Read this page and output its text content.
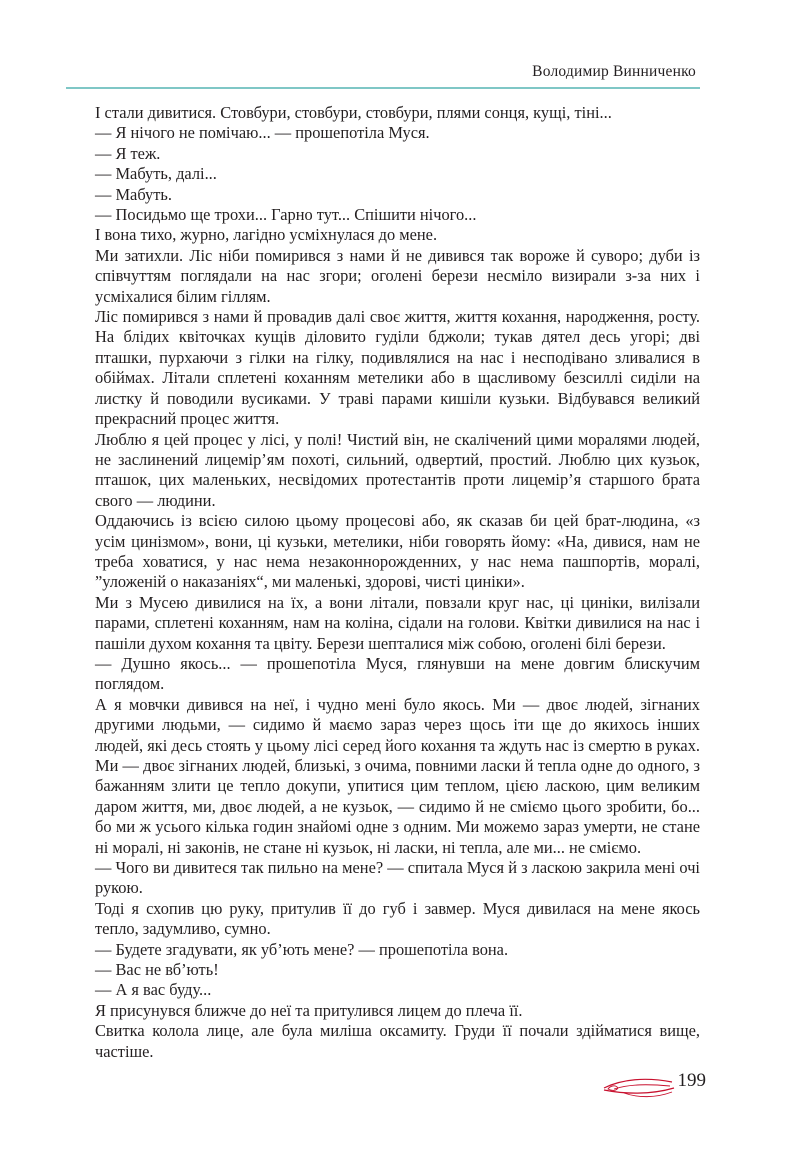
Володимир Винниченко

I стали дивитися. Стовбури, стовбури, стовбури, плями сонця, кущі, тіні...

— Я нічого не помічаю... — прошепотіла Муся.

— Я теж.

— Мабуть, далі...

— Мабуть.

— Посидьмо ще трохи... Гарно тут... Спішити нічого...

I вона тихо, журно, лагідно усміхнулася до мене.

Ми затихли. Ліс ніби помирився з нами й не дивився так вороже й суворо; дуби із співчуттям поглядали на нас згори; оголені берези несміло визирали з-за них і усміхалися білим гіллям.

Ліс помирився з нами й провадив далі своє життя, життя кохання, народження, росту. На блідих квіточках кущів діловито гуділи бджоли; тукав дятел десь угорі; дві пташки, пурхаючи з гілки на гілку, подивлялися на нас і несподівано зливалися в обіймах. Літали сплетені коханням метелики або в щасливому безсиллі сиділи на листку й поводили вусиками. У траві парами кишіли кузьки. Відбувався великий прекрасний процес життя.

Люблю я цей процес у лісі, у полі! Чистий він, не скалічений цими моралями людей, не заслинений лицемір’ям похоті, сильний, одвертий, простий. Люблю цих кузьок, пташок, цих маленьких, несвідомих протестантів проти лицемір’я старшого брата свого — людини.

Оддаючись із всією силою цьому процесові або, як сказав би цей брат-людина, «з усім цинізмом», вони, ці кузьки, метелики, ніби говорять йому: «На, дивися, нам не треба ховатися, у нас нема незаконнорожденних, у нас нема пашпортів, моралі, ”уложеній о наказаніях“, ми маленькі, здорові, чисті цинiки».

Ми з Мусею дивилися на їх, а вони літали, повзали круг нас, ці циніки, вилізали парами, сплетені коханням, нам на коліна, сідали на голови. Квітки дивилися на нас і пашіли духом кохання та цвіту. Берези шепталися між собою, оголені білі берези.

— Душно якось... — прошепотіла Муся, глянувши на мене довгим блискучим поглядом.

А я мовчки дивився на неї, і чудно мені було якось. Ми — двоє людей, зігнаних другими людьми, — сидимо й маємо зараз через щось іти ще до якихось інших людей, які десь стоять у цьому лісі серед його кохання та ждуть нас із смертю в руках. Ми — двоє зігнаних людей, близькі, з очима, повними ласки й тепла одне до одного, з бажанням злити це тепло докупи, упитися цим теплом, цією ласкою, цим великим даром життя, ми, двоє людей, а не кузьок, — сидимо й не сміємо цього зробити, бо... бо ми ж усього кілька годин знайомі одне з одним. Ми можемо зараз умерти, не стане ні моралі, ні законів, не стане ні кузьок, ні ласки, ні тепла, але ми... не сміємо.

— Чого ви дивитеся так пильно на мене? — спитала Муся й з ласкою закрила мені очі рукою.

Тоді я схопив цю руку, притулив її до губ і завмер. Муся дивилася на мене якось тепло, задумливо, сумно.

— Будете згадувати, як уб’ють мене? — прошепотіла вона.

— Вас не вб’ють!

— А я вас буду...

Я присунувся ближче до неї та притулився лицем до плеча її.

Свитка колола лице, але була миліша оксамиту. Груди її почали здійматися вище, частіше.

199
